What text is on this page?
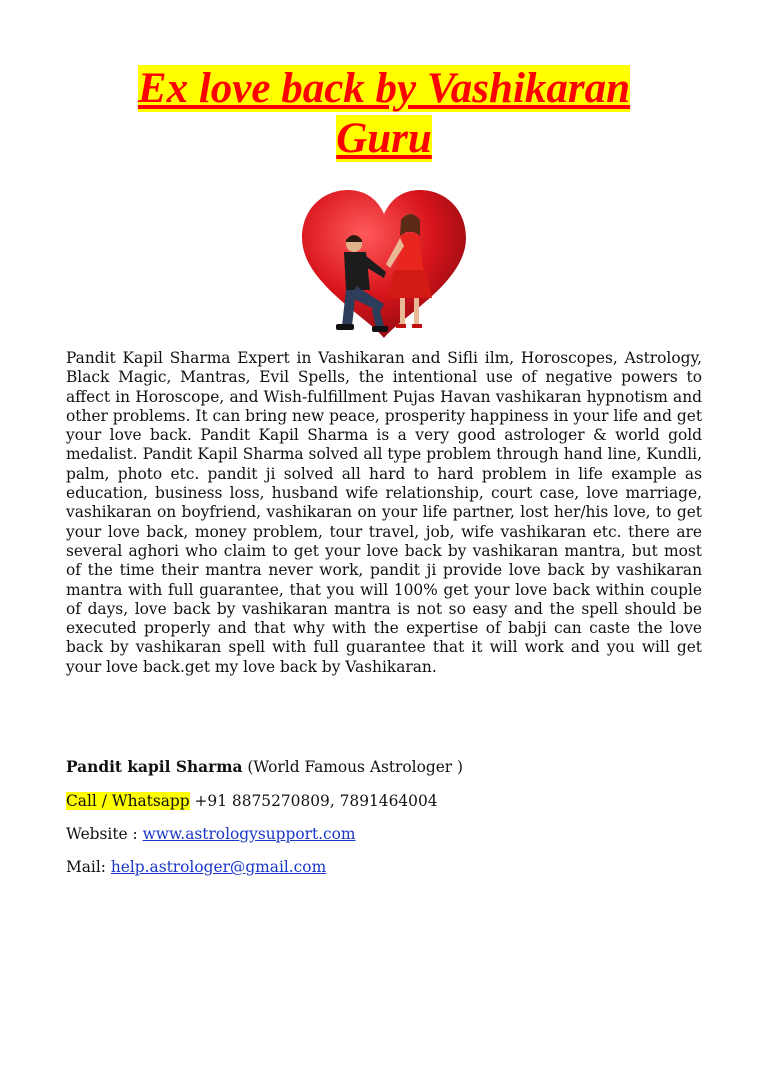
Ex love back by Vashikaran
Guru

Pandit Kapil Sharma Expert in Vashikaran and Sifli ilm, Horoscopes, Astrology, Black Magic, Mantras, Evil Spells, the intentional use of negative powers to affect in Horoscope, and Wish-fulfillment Pujas Havan vashikaran hypnotism and other problems. It can bring new peace, prosperity happiness in your life and get your love back. Pandit Kapil Sharma is a very good astrologer & world gold medalist. Pandit Kapil Sharma solved all type problem through hand line, Kundli, palm, photo etc. pandit ji solved all hard to hard problem in life example as education, business loss, husband wife relationship, court case, love marriage, vashikaran on boyfriend, vashikaran on your life partner, lost her/his love, to get your love back, money problem, tour travel, job, wife vashikaran etc. there are several aghori who claim to get your love back by vashikaran mantra, but most of the time their mantra never work, pandit ji provide love back by vashikaran mantra with full guarantee, that you will 100% get your love back within couple of days, love back by vashikaran mantra is not so easy and the spell should be executed properly and that why with the expertise of babji can caste the love back by vashikaran spell with full guarantee that it will work and you will get your love back.get my love back by Vashikaran.

Pandit kapil Sharma (World Famous Astrologer )

Call / Whatsapp +91 8875270809, 7891464004

Website : www.astrologysupport.com

Mail: help.astrologer@gmail.com
